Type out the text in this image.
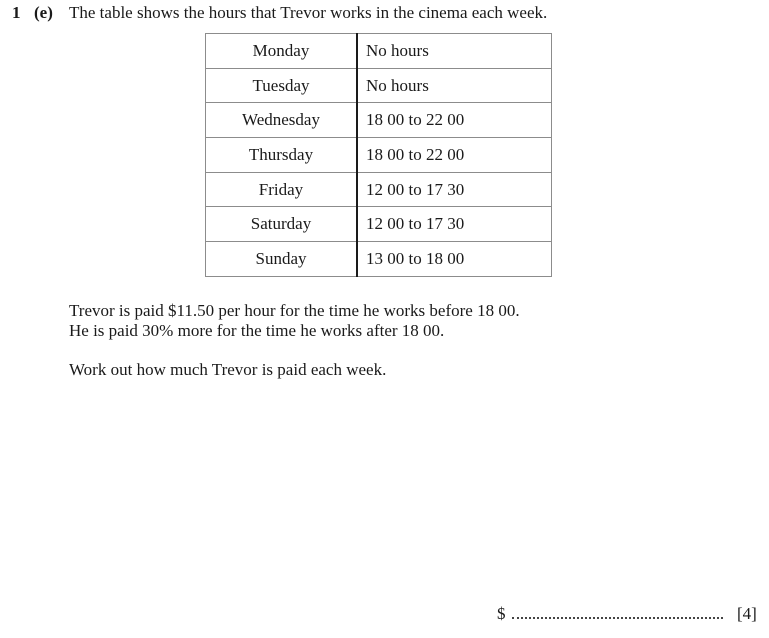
1 (e) The table shows the hours that Trevor works in the cinema each week.
Monday	No hours
Tuesday	No hours
Wednesday	18 00 to 22 00
Thursday	18 00 to 22 00
Friday	12 00 to 17 30
Saturday	12 00 to 17 30
Sunday	13 00 to 18 00
Trevor is paid $11.50 per hour for the time he works before 18 00.
He is paid 30% more for the time he works after 18 00.
Work out how much Trevor is paid each week.
$	[4]
